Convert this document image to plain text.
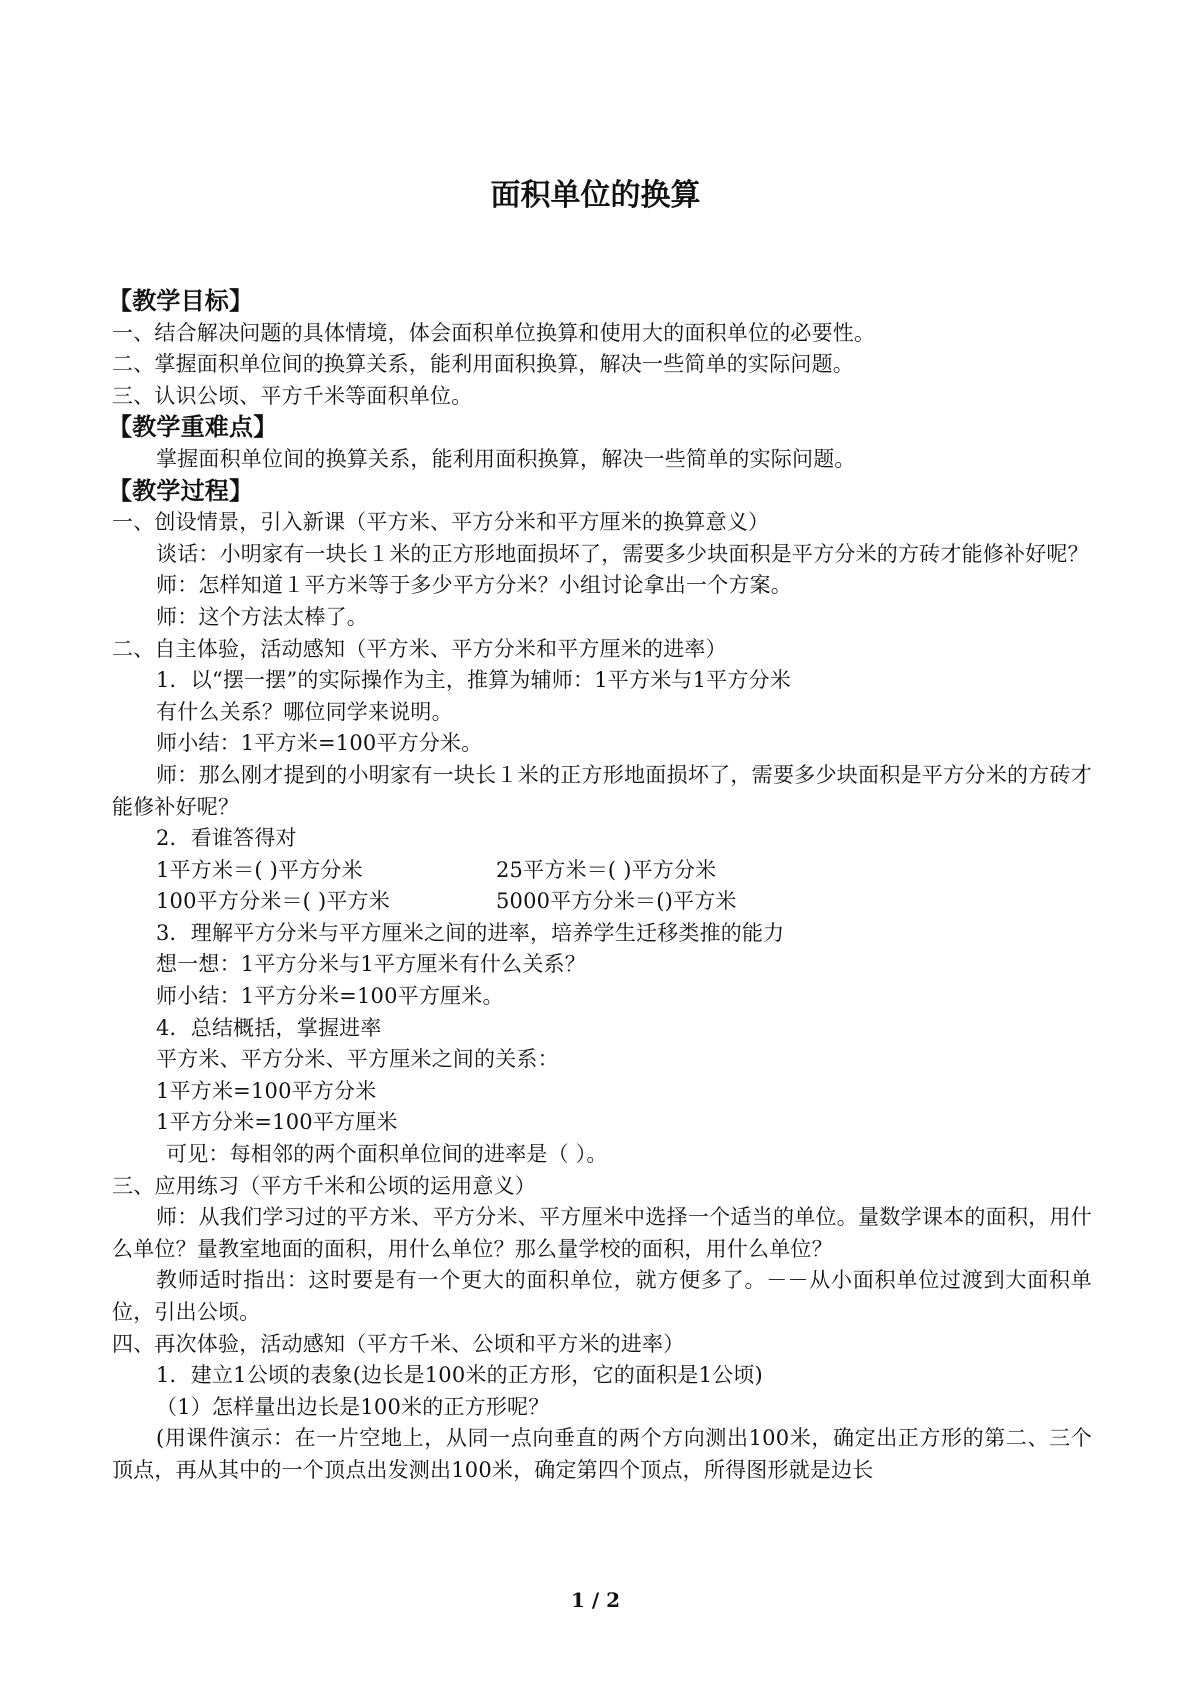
面积单位的换算
【教学目标】
一、结合解决问题的具体情境，体会面积单位换算和使用大的面积单位的必要性。
二、掌握面积单位间的换算关系，能利用面积换算，解决一些简单的实际问题。
三、认识公顷、平方千米等面积单位。
【教学重难点】
掌握面积单位间的换算关系，能利用面积换算，解决一些简单的实际问题。
【教学过程】
一、创设情景，引入新课（平方米、平方分米和平方厘米的换算意义）
谈话：小明家有一块长１米的正方形地面损坏了，需要多少块面积是平方分米的方砖才能修补好呢？
师：怎样知道１平方米等于多少平方分米？小组讨论拿出一个方案。
师：这个方法太棒了。
二、自主体验，活动感知（平方米、平方分米和平方厘米的进率）
1．以“摆一摆”的实际操作为主，推算为辅师：1平方米与1平方分米
有什么关系？哪位同学来说明。
师小结：1平方米=100平方分米。
师：那么刚才提到的小明家有一块长１米的正方形地面损坏了，需要多少块面积是平方分米的方砖才能修补好呢？
2．看谁答得对
1平方米＝( )平方分米	25平方米＝( )平方分米
100平方分米＝( )平方米	5000平方分米＝()平方米
3．理解平方分米与平方厘米之间的进率，培养学生迁移类推的能力
想一想：1平方分米与1平方厘米有什么关系？
师小结：1平方分米=100平方厘米。
4．总结概括，掌握进率
平方米、平方分米、平方厘米之间的关系：
1平方米=100平方分米
1平方分米=100平方厘米
可见：每相邻的两个面积单位间的进率是（ ）。
三、应用练习（平方千米和公顷的运用意义）
师：从我们学习过的平方米、平方分米、平方厘米中选择一个适当的单位。量数学课本的面积，用什么单位？量教室地面的面积，用什么单位？那么量学校的面积，用什么单位？
教师适时指出：这时要是有一个更大的面积单位，就方便多了。－－从小面积单位过渡到大面积单位，引出公顷。
四、再次体验，活动感知（平方千米、公顷和平方米的进率）
1．建立1公顷的表象(边长是100米的正方形，它的面积是1公顷)
（1）怎样量出边长是100米的正方形呢？
(用课件演示：在一片空地上，从同一点向垂直的两个方向测出100米，确定出正方形的第二、三个顶点，再从其中的一个顶点出发测出100米，确定第四个顶点，所得图形就是边长
1 / 2
